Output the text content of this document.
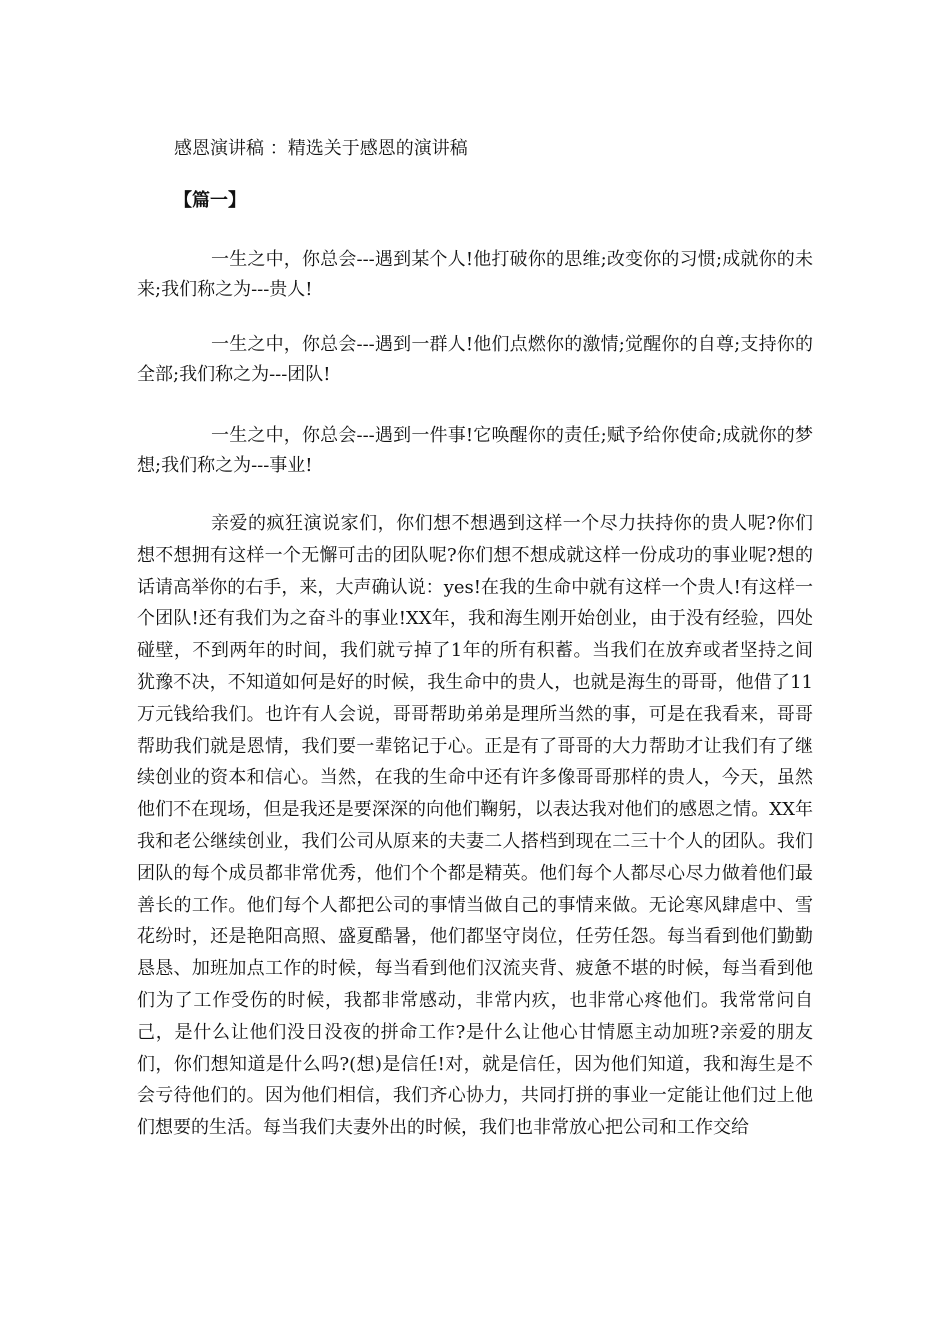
感恩演讲稿 ：精选关于感恩的演讲稿
【篇一】

一生之中，你总会---遇到某个人!他打破你的思维;改变你的习惯;成就你的未来;我们称之为---贵人!

一生之中，你总会---遇到一群人!他们点燃你的激情;觉醒你的自尊;支持你的全部;我们称之为---团队!

一生之中，你总会---遇到一件事!它唤醒你的责任;赋予给你使命;成就你的梦想;我们称之为---事业!

亲爱的疯狂演说家们，你们想不想遇到这样一个尽力扶持你的贵人呢?你们想不想拥有这样一个无懈可击的团队呢?你们想不想成就这样一份成功的事业呢?想的话请高举你的右手，来，大声确认说：yes!在我的生命中就有这样一个贵人!有这样一个团队!还有我们为之奋斗的事业!XX年，我和海生刚开始创业，由于没有经验，四处碰壁，不到两年的时间，我们就亏掉了1年的所有积蓄。当我们在放弃或者坚持之间犹豫不决，不知道如何是好的时候，我生命中的贵人，也就是海生的哥哥，他借了11万元钱给我们。也许有人会说，哥哥帮助弟弟是理所当然的事，可是在我看来，哥哥帮助我们就是恩情，我们要一辈铭记于心。正是有了哥哥的大力帮助才让我们有了继续创业的资本和信心。当然，在我的生命中还有许多像哥哥那样的贵人，今天，虽然他们不在现场，但是我还是要深深的向他们鞠躬，以表达我对他们的感恩之情。XX年我和老公继续创业，我们公司从原来的夫妻二人搭档到现在二三十个人的团队。我们团队的每个成员都非常优秀，他们个个都是精英。他们每个人都尽心尽力做着他们最善长的工作。他们每个人都把公司的事情当做自己的事情来做。无论寒风肆虐中、雪花纷时，还是艳阳高照、盛夏酷暑，他们都坚守岗位，任劳任怨。每当看到他们勤勤恳恳、加班加点工作的时候，每当看到他们汉流夹背、疲惫不堪的时候，每当看到他们为了工作受伤的时候，我都非常感动，非常内疚，也非常心疼他们。我常常问自己，是什么让他们没日没夜的拼命工作?是什么让他心甘情愿主动加班?亲爱的朋友们，你们想知道是什么吗?(想)是信任!对，就是信任，因为他们知道，我和海生是不会亏待他们的。因为他们相信，我们齐心协力，共同打拼的事业一定能让他们过上他们想要的生活。每当我们夫妻外出的时候，我们也非常放心把公司和工作交给
